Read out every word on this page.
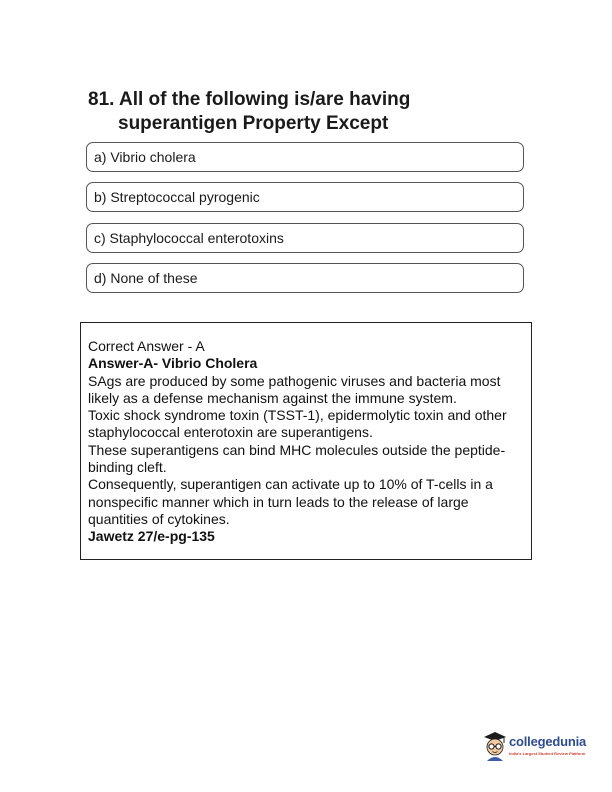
81. All of the following is/are having
superantigen Property Except
a) Vibrio cholera
b) Streptococcal pyrogenic
c) Staphylococcal enterotoxins
d) None of these

Correct Answer - A

Answer-A- Vibrio Cholera

SAgs are produced by some pathogenic viruses and bacteria most likely as a defense mechanism against the immune system.

Toxic shock syndrome toxin (TSST-1), epidermolytic toxin and other staphylococcal enterotoxin are superantigens.

These superantigens can bind MHC molecules outside the peptide-binding cleft.

Consequently, superantigen can activate up to 10% of T-cells in a nonspecific manner which in turn leads to the release of large quantities of cytokines.

Jawetz 27/e-pg-135

collegedunia
India's Largest Student Review Platform
